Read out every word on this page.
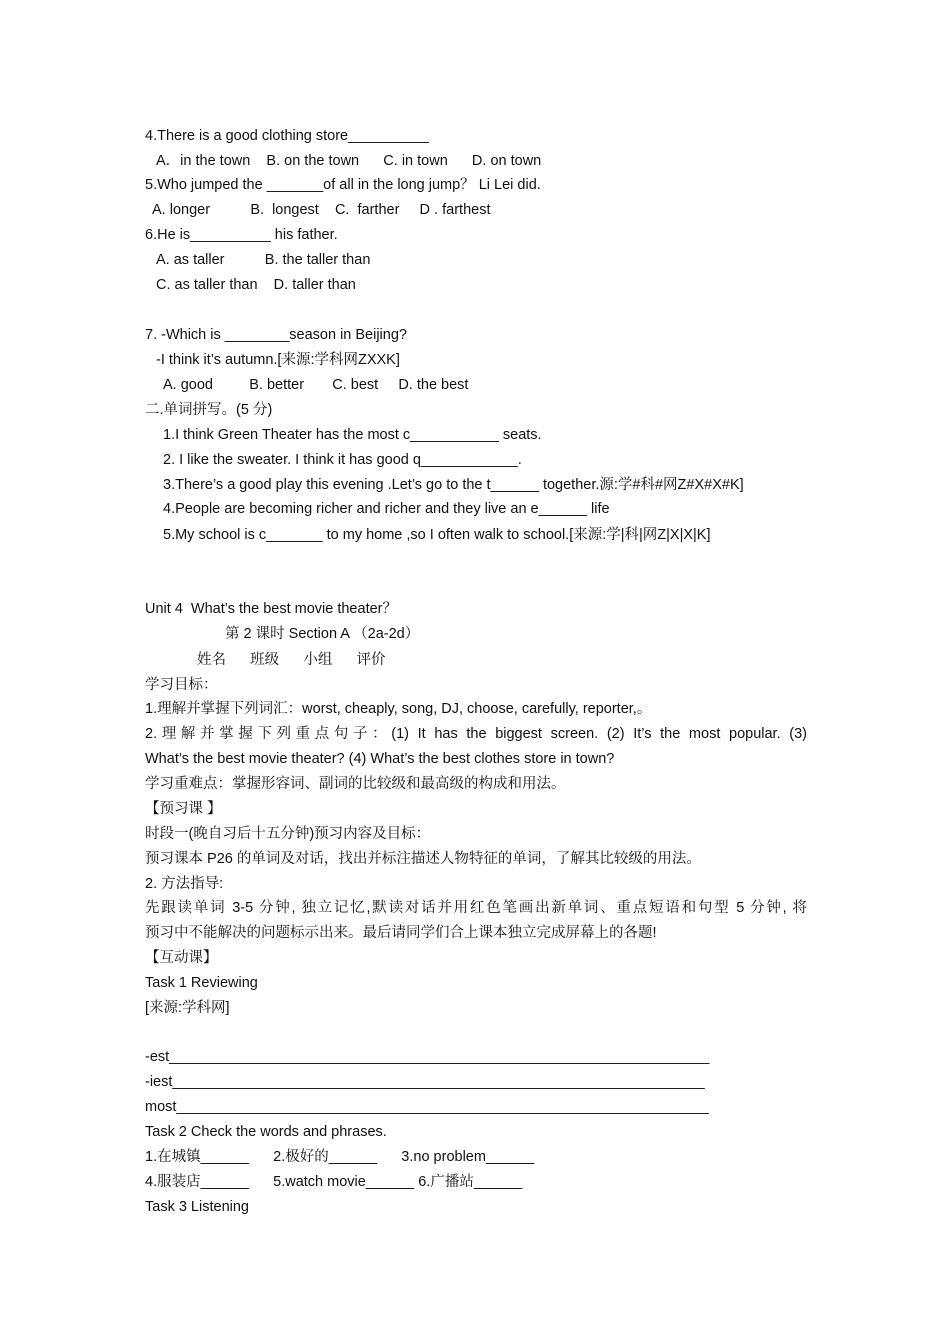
4.There is a good clothing store__________
A．in the town    B. on the town      C. in town      D. on town
5.Who jumped the _______of all in the long jump？ Li Lei did.
A. longer          B.  longest    C.  farther     D . farthest
6.He is__________ his father.
A. as taller          B. the taller than
C. as taller than    D. taller than
7. -Which is ________season in Beijing?
-I think it’s autumn.[来源:学科网ZXXK]
A. good         B. better       C. best     D. the best
二.单词拼写。(5 分)
1.I think Green Theater has the most c___________ seats.
2. I like the sweater. I think it has good q____________.
3.There’s a good play this evening .Let’s go to the t______ together.源:学#科#网Z#X#X#K]
4.People are becoming richer and richer and they live an e______ life
5.My school is c_______ to my home ,so I often walk to school.[来源:学|科|网Z|X|X|K]
Unit 4  What’s the best movie theater？
第 2 课时 Section A （2a-2d）
姓名      班级      小组      评价
学习目标：
1.理解并掌握下列词汇：worst, cheaply, song, DJ, choose, carefully, reporter,。
2.理解并掌握下列重点句子：(1) It has the biggest screen. (2) It’s the most popular. (3)
What’s the best movie theater? (4) What’s the best clothes store in town?
学习重难点：掌握形容词、副词的比较级和最高级的构成和用法。
【预习课 】
时段一(晚自习后十五分钟)预习内容及目标：
预习课本 P26 的单词及对话，找出并标注描述人物特征的单词，了解其比较级的用法。
2. 方法指导:
先跟读单词 3-5 分钟, 独立记忆,默读对话并用红色笔画出新单词、重点短语和句型 5 分钟, 将
预习中不能解决的问题标示出来。最后请同学们合上课本独立完成屏幕上的各题!
【互动课】
Task 1 Reviewing
[来源:学科网]
-est___________________________________________________________________
-iest__________________________________________________________________
most__________________________________________________________________
Task 2 Check the words and phrases.
1.在城镇______      2.极好的______      3.no problem______
4.服装店______      5.watch movie______ 6.广播站______
Task 3 Listening
